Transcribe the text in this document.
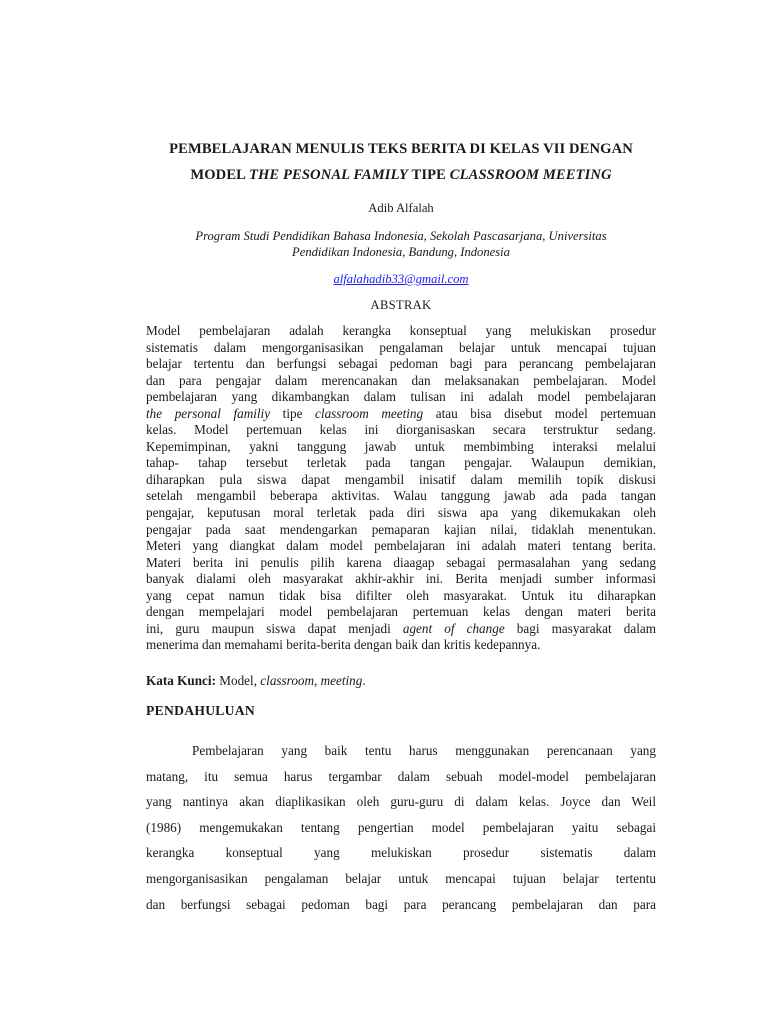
PEMBELAJARAN MENULIS TEKS BERITA DI KELAS VII DENGAN
MODEL THE PESONAL FAMILY TIPE CLASSROOM MEETING
Adib Alfalah
Program Studi Pendidikan Bahasa Indonesia, Sekolah Pascasarjana, Universitas
Pendidikan Indonesia, Bandung, Indonesia
alfalahadib33@gmail.com
ABSTRAK
Model pembelajaran adalah kerangka konseptual yang melukiskan prosedur
sistematis dalam mengorganisasikan pengalaman belajar untuk mencapai tujuan
belajar tertentu dan berfungsi sebagai pedoman bagi para perancang pembelajaran
dan para pengajar dalam merencanakan dan melaksanakan pembelajaran. Model
pembelajaran yang dikambangkan dalam tulisan ini adalah model pembelajaran
the personal familiy tipe classroom meeting atau bisa disebut model pertemuan
kelas. Model pertemuan kelas ini diorganisaskan secara terstruktur sedang.
Kepemimpinan, yakni tanggung jawab untuk membimbing interaksi melalui
tahap- tahap tersebut terletak pada tangan pengajar. Walaupun demikian,
diharapkan pula siswa dapat mengambil inisatif dalam memilih topik diskusi
setelah mengambil beberapa aktivitas. Walau tanggung jawab ada pada tangan
pengajar, keputusan moral terletak pada diri siswa apa yang dikemukakan oleh
pengajar pada saat mendengarkan pemaparan kajian nilai, tidaklah menentukan.
Meteri yang diangkat dalam model pembelajaran ini adalah materi tentang berita.
Materi berita ini penulis pilih karena diaagap sebagai permasalahan yang sedang
banyak dialami oleh masyarakat akhir-akhir ini. Berita menjadi sumber informasi
yang cepat namun tidak bisa difilter oleh masyarakat. Untuk itu diharapkan
dengan mempelajari model pembelajaran pertemuan kelas dengan materi berita
ini, guru maupun siswa dapat menjadi agent of change bagi masyarakat dalam
menerima dan memahami berita-berita dengan baik dan kritis kedepannya.
Kata Kunci: Model, classroom, meeting.
PENDAHULUAN
Pembelajaran yang baik tentu harus menggunakan perencanaan yang
matang, itu semua harus tergambar dalam sebuah model-model pembelajaran
yang nantinya akan diaplikasikan oleh guru-guru di dalam kelas. Joyce dan Weil
(1986) mengemukakan tentang pengertian model pembelajaran yaitu sebagai
kerangka konseptual yang melukiskan prosedur sistematis dalam
mengorganisasikan pengalaman belajar untuk mencapai tujuan belajar tertentu
dan berfungsi sebagai pedoman bagi para perancang pembelajaran dan para
